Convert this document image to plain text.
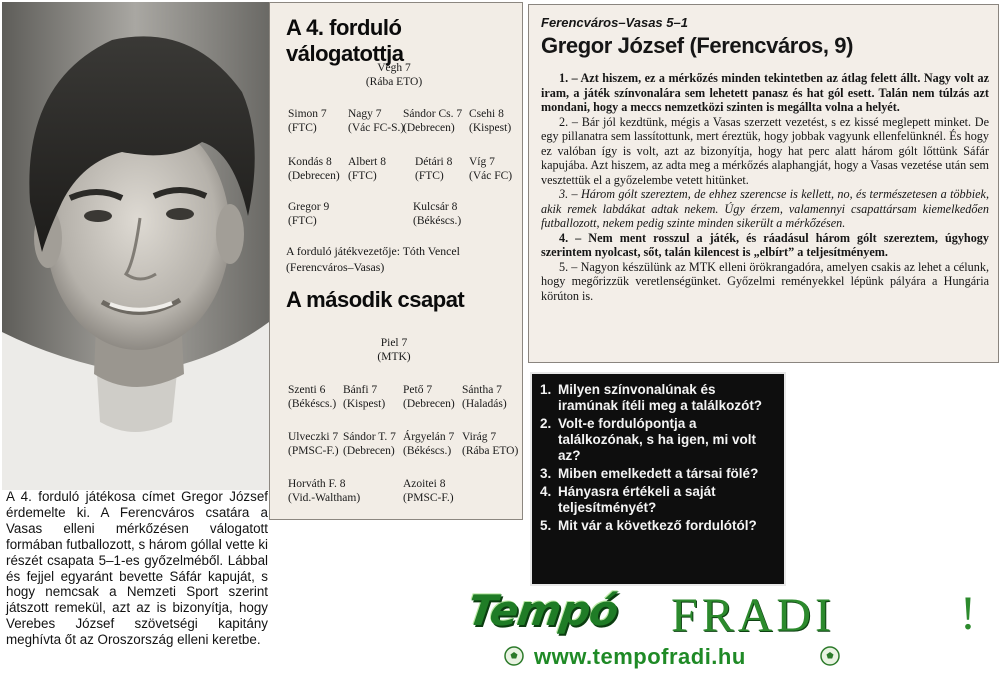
A 4. forduló játékosa címet Gregor József érdemelte ki. A Ferencváros csatára a Vasas elleni mérkőzésen válogatott formában futballozott, s három góllal vette ki részét csapata 5–1-es győzelméből. Lábbal és fejjel egyaránt bevette Sáfár kapuját, s hogy nemcsak a Nemzeti Sport szerint játszott remekül, azt az is bizonyítja, hogy Verebes József szövetségi kapitány meghívta őt az Oroszország elleni keretbe.
A 4. forduló válogatottja
Végh 7
(Rába ETO)
Simon 7
(FTC)
Nagy 7
(Vác FC-S.)
Sándor Cs. 7
(Debrecen)
Csehi 8
(Kispest)
Kondás 8
(Debrecen)
Albert 8
(FTC)
Détári 8
(FTC)
Víg 7
(Vác FC)
Gregor 9
(FTC)
Kulcsár 8
(Békéscs.)
A forduló játékvezetője: Tóth Vencel
(Ferencváros–Vasas)
A második csapat
Piel 7
(MTK)
Szenti 6
(Békéscs.)
Bánfi 7
(Kispest)
Pető 7
(Debrecen)
Sántha 7
(Haladás)
Ulveczki 7
(PMSC-F.)
Sándor T. 7
(Debrecen)
Árgyelán 7
(Békéscs.)
Virág 7
(Rába ETO)
Horváth F. 8
(Vid.-Waltham)
Azoitei 8
(PMSC-F.)
Ferencváros–Vasas 5–1
Gregor József (Ferencváros, 9)

1. – Azt hiszem, ez a mérkőzés minden tekintetben az átlag felett állt. Nagy volt az iram, a játék színvonalára sem lehetett panasz és hat gól esett. Talán nem túlzás azt mondani, hogy a meccs nemzetközi szinten is megállta volna a helyét.

2. – Bár jól kezdtünk, mégis a Vasas szerzett vezetést, s ez kissé meglepett minket. De egy pillanatra sem lassítottunk, mert éreztük, hogy jobbak vagyunk ellenfelünknél. És hogy ez valóban így is volt, azt az bizonyítja, hogy hat perc alatt három gólt lőttünk Sáfár kapujába. Azt hiszem, az adta meg a mérkőzés alaphangját, hogy a Vasas vezetése után sem vesztettük el a győzelembe vetett hitünket.

3. – Három gólt szereztem, de ehhez szerencse is kellett, no, és természetesen a többiek, akik remek labdákat adtak nekem. Úgy érzem, valamennyi csapattársam kiemelkedően futballozott, nekem pedig szinte minden sikerült a mérkőzésen.

4. – Nem ment rosszul a játék, és ráadásul három gólt szereztem, úgyhogy szerintem nyolcast, sőt, talán kilencest is „elbírt” a teljesítményem.

5. – Nagyon készülünk az MTK elleni örökrangadóra, amelyen csakis az lehet a célunk, hogy megőrizzük veretlenségünket. Győzelmi reményekkel lépünk pályára a Hungária körúton is.

1. Milyen színvonalúnak és iramúnak ítéli meg a találkozót?
2. Volt-e fordulópontja a találkozónak, s ha igen, mi volt az?
3. Miben emelkedett a társai fölé?
4. Hányasra értékeli a saját teljesítményét?
5. Mit vár a következő fordulótól?
Tempó FRADI	!
www.tempofradi.hu
